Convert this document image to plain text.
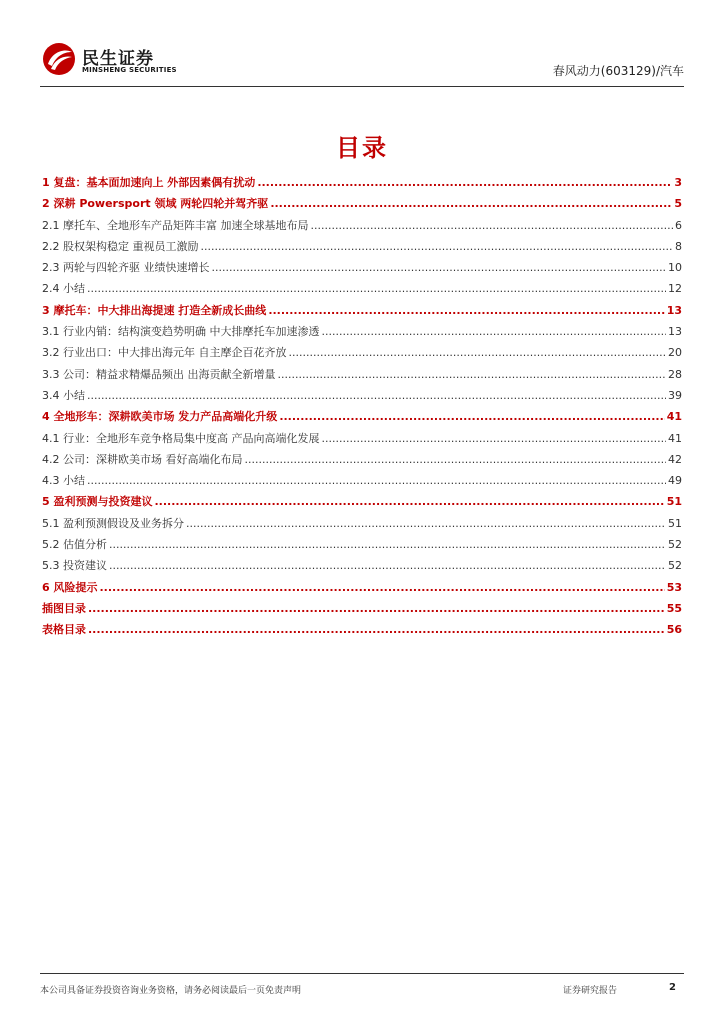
民生证券
MINSHENG SECURITIES	春风动力(603129)/汽车
目录
1 复盘：基本面加速向上 外部因素偶有扰动 .....	3
2 深耕 Powersport 领域 两轮四轮并驾齐驱 .....	5
2.1 摩托车、全地形车产品矩阵丰富 加速全球基地布局 .....	6
2.2 股权架构稳定 重视员工激励 .....	8
2.3 两轮与四轮齐驱 业绩快速增长 .....	10
2.4 小结 .....	12
3 摩托车：中大排出海提速 打造全新成长曲线 .....	13
3.1 行业内销：结构演变趋势明确 中大排摩托车加速渗透 .....	13
3.2 行业出口：中大排出海元年 自主摩企百花齐放 .....	20
3.3 公司：精益求精爆品频出 出海贡献全新增量 .....	28
3.4 小结 .....	39
4 全地形车：深耕欧美市场 发力产品高端化升级 .....	41
4.1 行业：全地形车竞争格局集中度高 产品向高端化发展 .....	41
4.2 公司：深耕欧美市场 看好高端化布局 .....	42
4.3 小结 .....	49
5 盈利预测与投资建议 .....	51
5.1 盈利预测假设及业务拆分 .....	51
5.2 估值分析 .....	52
5.3 投资建议 .....	52
6 风险提示 .....	53
插图目录 .....	55
表格目录 .....	56
本公司具备证券投资咨询业务资格，请务必阅读最后一页免责声明	证券研究报告	2
